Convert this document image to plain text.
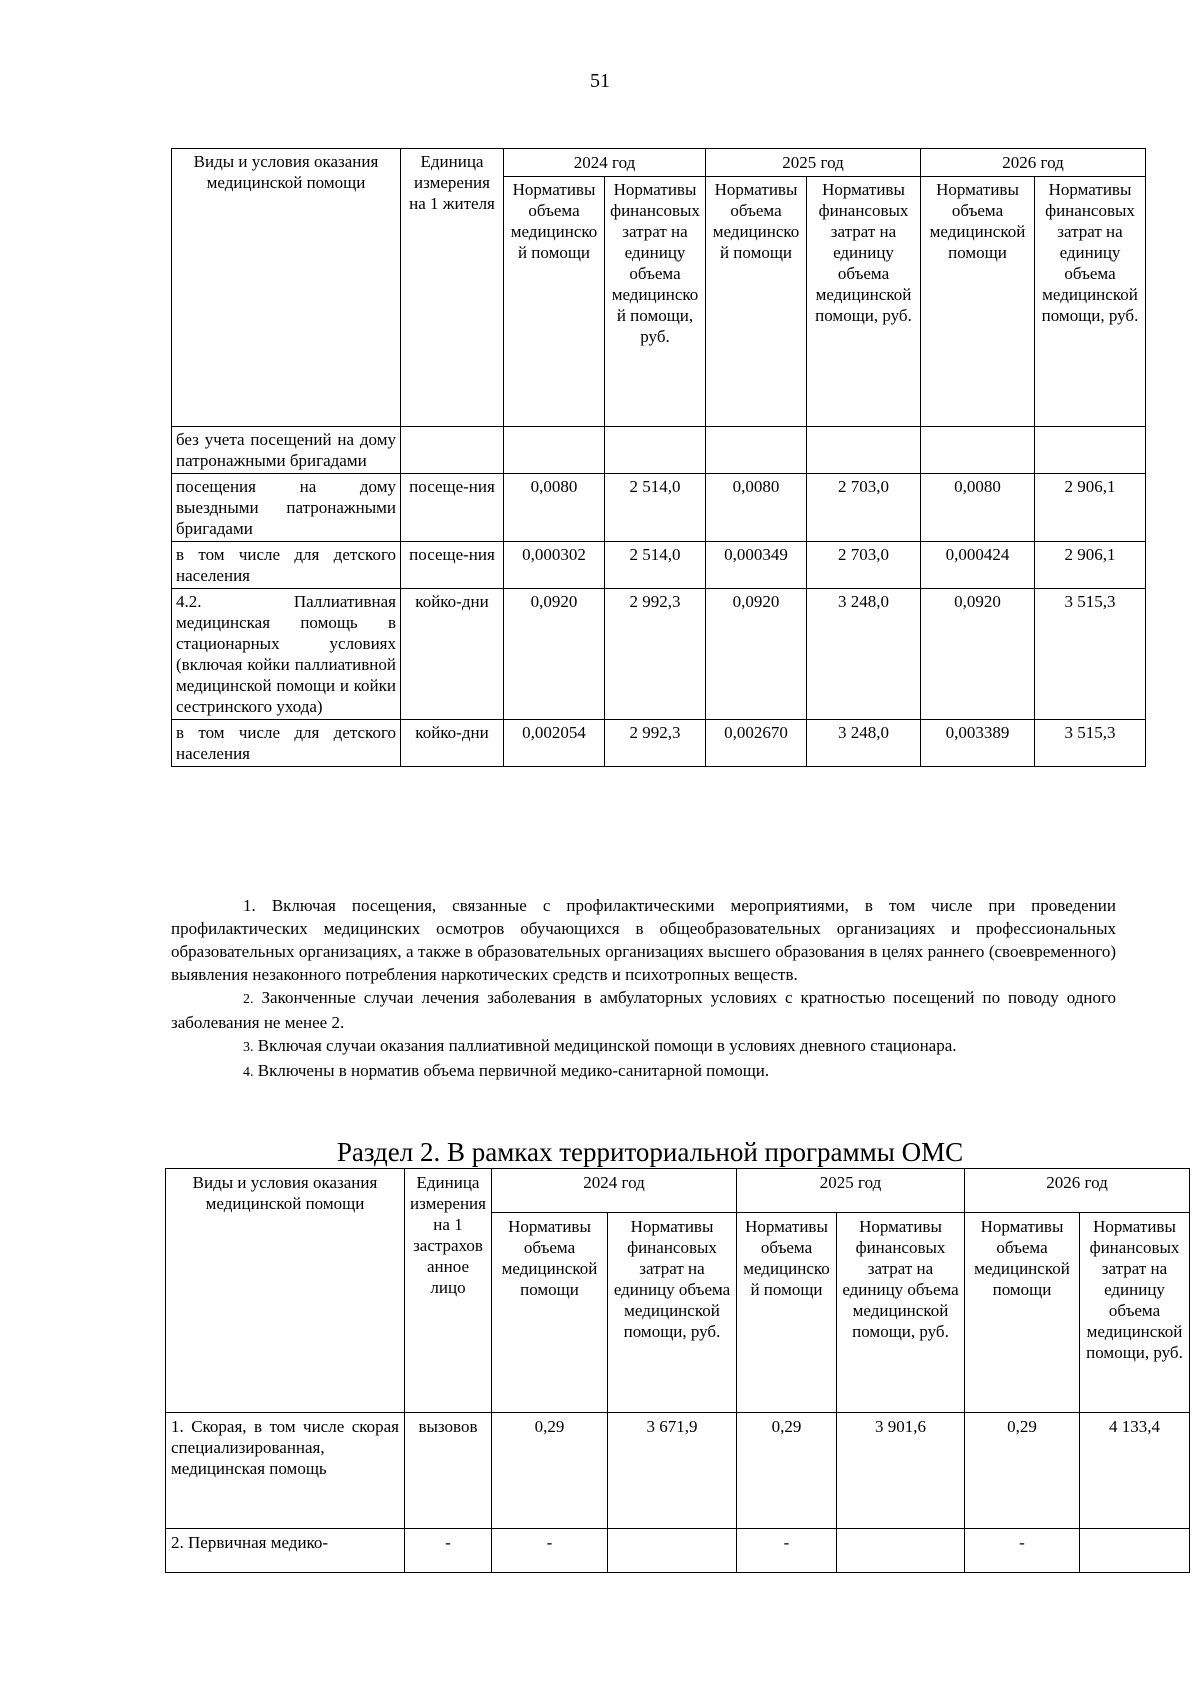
51
Виды и условия оказания медицинской помощи	Единица измерения на 1 жителя	2024 год		2025 год		2026 год	
		Нормативы объема медицинской помощи	Нормативы финансовых затрат на единицу объема медицинской помощи, руб.	Нормативы объема медицинской помощи	Нормативы финансовых затрат на единицу объема медицинской помощи, руб.	Нормативы объема медицинской помощи	Нормативы финансовых затрат на единицу объема медицинской помощи, руб.
без учета посещений на дому патронажными бригадами							
посещения на дому выездными патронажными бригадами	посеще-ния	0,0080	2 514,0	0,0080	2 703,0	0,0080	2 906,1
в том числе для детского населения	посеще-ния	0,000302	2 514,0	0,000349	2 703,0	0,000424	2 906,1
4.2. Паллиативная медицинская помощь в стационарных условиях (включая койки паллиативной медицинской помощи и койки сестринского ухода)	койко-дни	0,0920	2 992,3	0,0920	3 248,0	0,0920	3 515,3
в том числе для детского населения	койко-дни	0,002054	2 992,3	0,002670	3 248,0	0,003389	3 515,3

1. Включая посещения, связанные с профилактическими мероприятиями, в том числе при проведении профилактических медицинских осмотров обучающихся в общеобразовательных организациях и профессиональных образовательных организациях, а также в образовательных организациях высшего образования в целях раннего (своевременного) выявления незаконного потребления наркотических средств и психотропных веществ.

2. Законченные случаи лечения заболевания в амбулаторных условиях с кратностью посещений по поводу одного заболевания не менее 2.

3. Включая случаи оказания паллиативной медицинской помощи в условиях дневного стационара.

4. Включены в норматив объема первичной медико-санитарной помощи.

Раздел 2. В рамках территориальной программы ОМС
Виды и условия оказания медицинской помощи	Единица измерения на 1 застрахованное лицо	2024 год		2025 год		2026 год	
		Нормативы объема медицинской помощи	Нормативы финансовых затрат на единицу объема медицинской помощи, руб.	Нормативы объема медицинской помощи	Нормативы финансовых затрат на единицу объема медицинской помощи, руб.	Нормативы объема медицинской помощи	Нормативы финансовых затрат на единицу объема медицинской помощи, руб.
1. Скорая, в том числе скорая специализированная, медицинская помощь	вызовов	0,29	3 671,9	0,29	3 901,6	0,29	4 133,4
2. Первичная медико-	-	-		-		-	
